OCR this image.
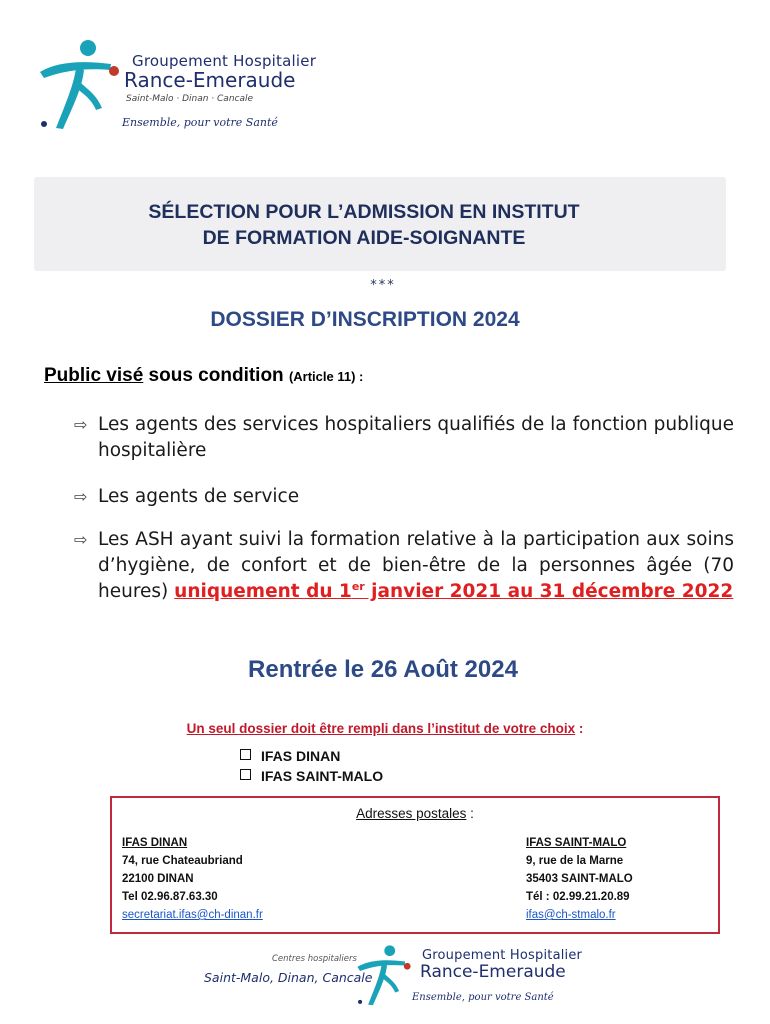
Groupement Hospitalier
Rance-Emeraude
Saint-Malo · Dinan · Cancale
Ensemble, pour votre Santé
SÉLECTION POUR L’ADMISSION EN INSTITUT
DE FORMATION AIDE-SOIGNANTE
***
DOSSIER D’INSCRIPTION 2024
Public visé sous condition (Article 11) :
⇨ Les agents des services hospitaliers qualifiés de la fonction publique hospitalière
⇨ Les agents de service
⇨ Les ASH ayant suivi la formation relative à la participation aux soins d’hygiène, de confort et de bien-être de la personnes âgée (70 heures) uniquement du 1er janvier 2021 au 31 décembre 2022
Rentrée le 26 Août 2024
Un seul dossier doit être rempli dans l’institut de votre choix :
IFAS DINAN
IFAS SAINT-MALO
Adresses postales :
IFAS DINAN
74, rue Chateaubriand
22100 DINAN
Tel 02.96.87.63.30
secretariat.ifas@ch-dinan.fr
IFAS SAINT-MALO
9, rue de la Marne
35403 SAINT-MALO
Tél : 02.99.21.20.89
ifas@ch-stmalo.fr
Centres hospitaliers
Saint-Malo, Dinan, Cancale
Groupement Hospitalier
Rance-Emeraude
Ensemble, pour votre Santé
